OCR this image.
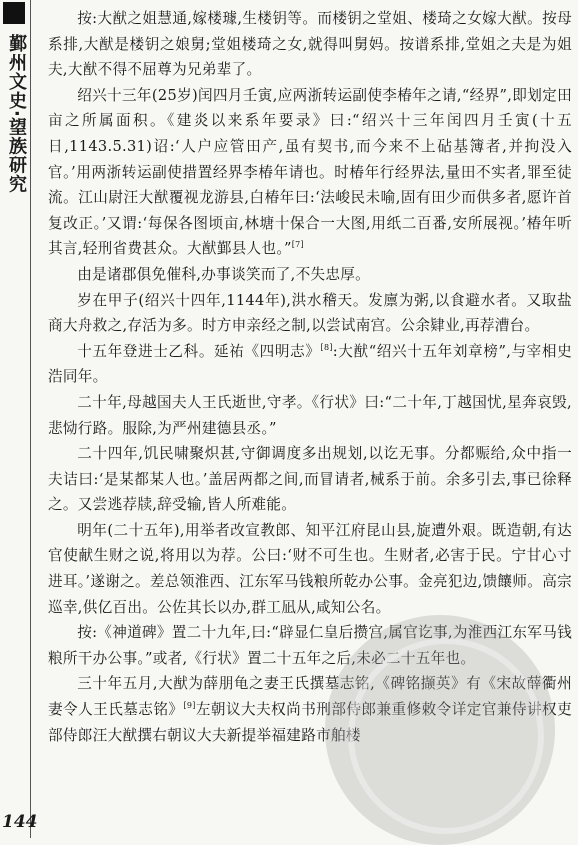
鄞州文史·望族研究

按:大猷之姐慧通,嫁楼璩,生楼钥等。而楼钥之堂姐、楼琦之女嫁大猷。按母系排,大猷是楼钥之娘舅;堂姐楼琦之女,就得叫舅妈。按谱系排,堂姐之夫是为姐夫,大猷不得不屈尊为兄弟辈了。

绍兴十三年(25岁)闰四月壬寅,应两浙转运副使李椿年之请,“经界”,即划定田亩之所属面积。《建炎以来系年要录》曰:“绍兴十三年闰四月壬寅(十五日,1143.5.31)诏:‘人户应管田产,虽有契书,而今来不上砧基簿者,并拘没入官。’用两浙转运副使措置经界李椿年请也。时椿年行经界法,量田不实者,罪至徒流。江山尉汪大猷覆视龙游县,白椿年曰:‘法峻民未喻,固有田少而供多者,愿许首复改正。’又谓:‘每保各图顷亩,林塘十保合一大图,用纸二百番,安所展视。’椿年听其言,轻刑省费甚众。大猷鄞县人也。”[7]

由是诸郡俱免催科,办事谈笑而了,不失忠厚。

岁在甲子(绍兴十四年,1144年),洪水稽天。发廪为粥,以食避水者。又取盐商大舟救之,存活为多。时方申亲经之制,以尝试南宫。公余肄业,再荐漕台。

十五年登进士乙科。延祐《四明志》[8]:大猷“绍兴十五年刘章榜”,与宰相史浩同年。

二十年,母越国夫人王氏逝世,守孝。《行状》曰:“二十年,丁越国忧,星奔哀毁,悲恸行路。服除,为严州建德县丞。”

二十四年,饥民啸聚炽甚,守御调度多出规划,以讫无事。分都赈给,众中指一夫诘曰:‘是某都某人也。’盖居两都之间,而冒请者,械系于前。余多引去,事已徐释之。又尝逃荐牍,辞受输,皆人所难能。

明年(二十五年),用举者改宣教郎、知平江府昆山县,旋遭外艰。既造朝,有达官使献生财之说,将用以为荐。公曰:‘财不可生也。生财者,必害于民。宁甘心寸进耳。’遂谢之。差总领淮西、江东军马钱粮所乾办公事。金亮犯边,馈饟师。高宗巡幸,供亿百出。公佐其长以办,群工凪从,咸知公名。

按:《神道碑》置二十九年,曰:“辟显仁皇后攒宫,属官讫事,为淮西江东军马钱粮所干办公事。”或者,《行状》置二十五年之后,未必二十五年也。

三十年五月,大猷为薛朋龟之妻王氏撰墓志铭,《碑铭撷英》有《宋故薛衢州妻令人王氏墓志铭》[9]左朝议大夫权尚书刑部侍郎兼重修敕令详定官兼侍讲权吏部侍郎汪大猷撰右朝议大夫新提举福建路市舶楼

144
